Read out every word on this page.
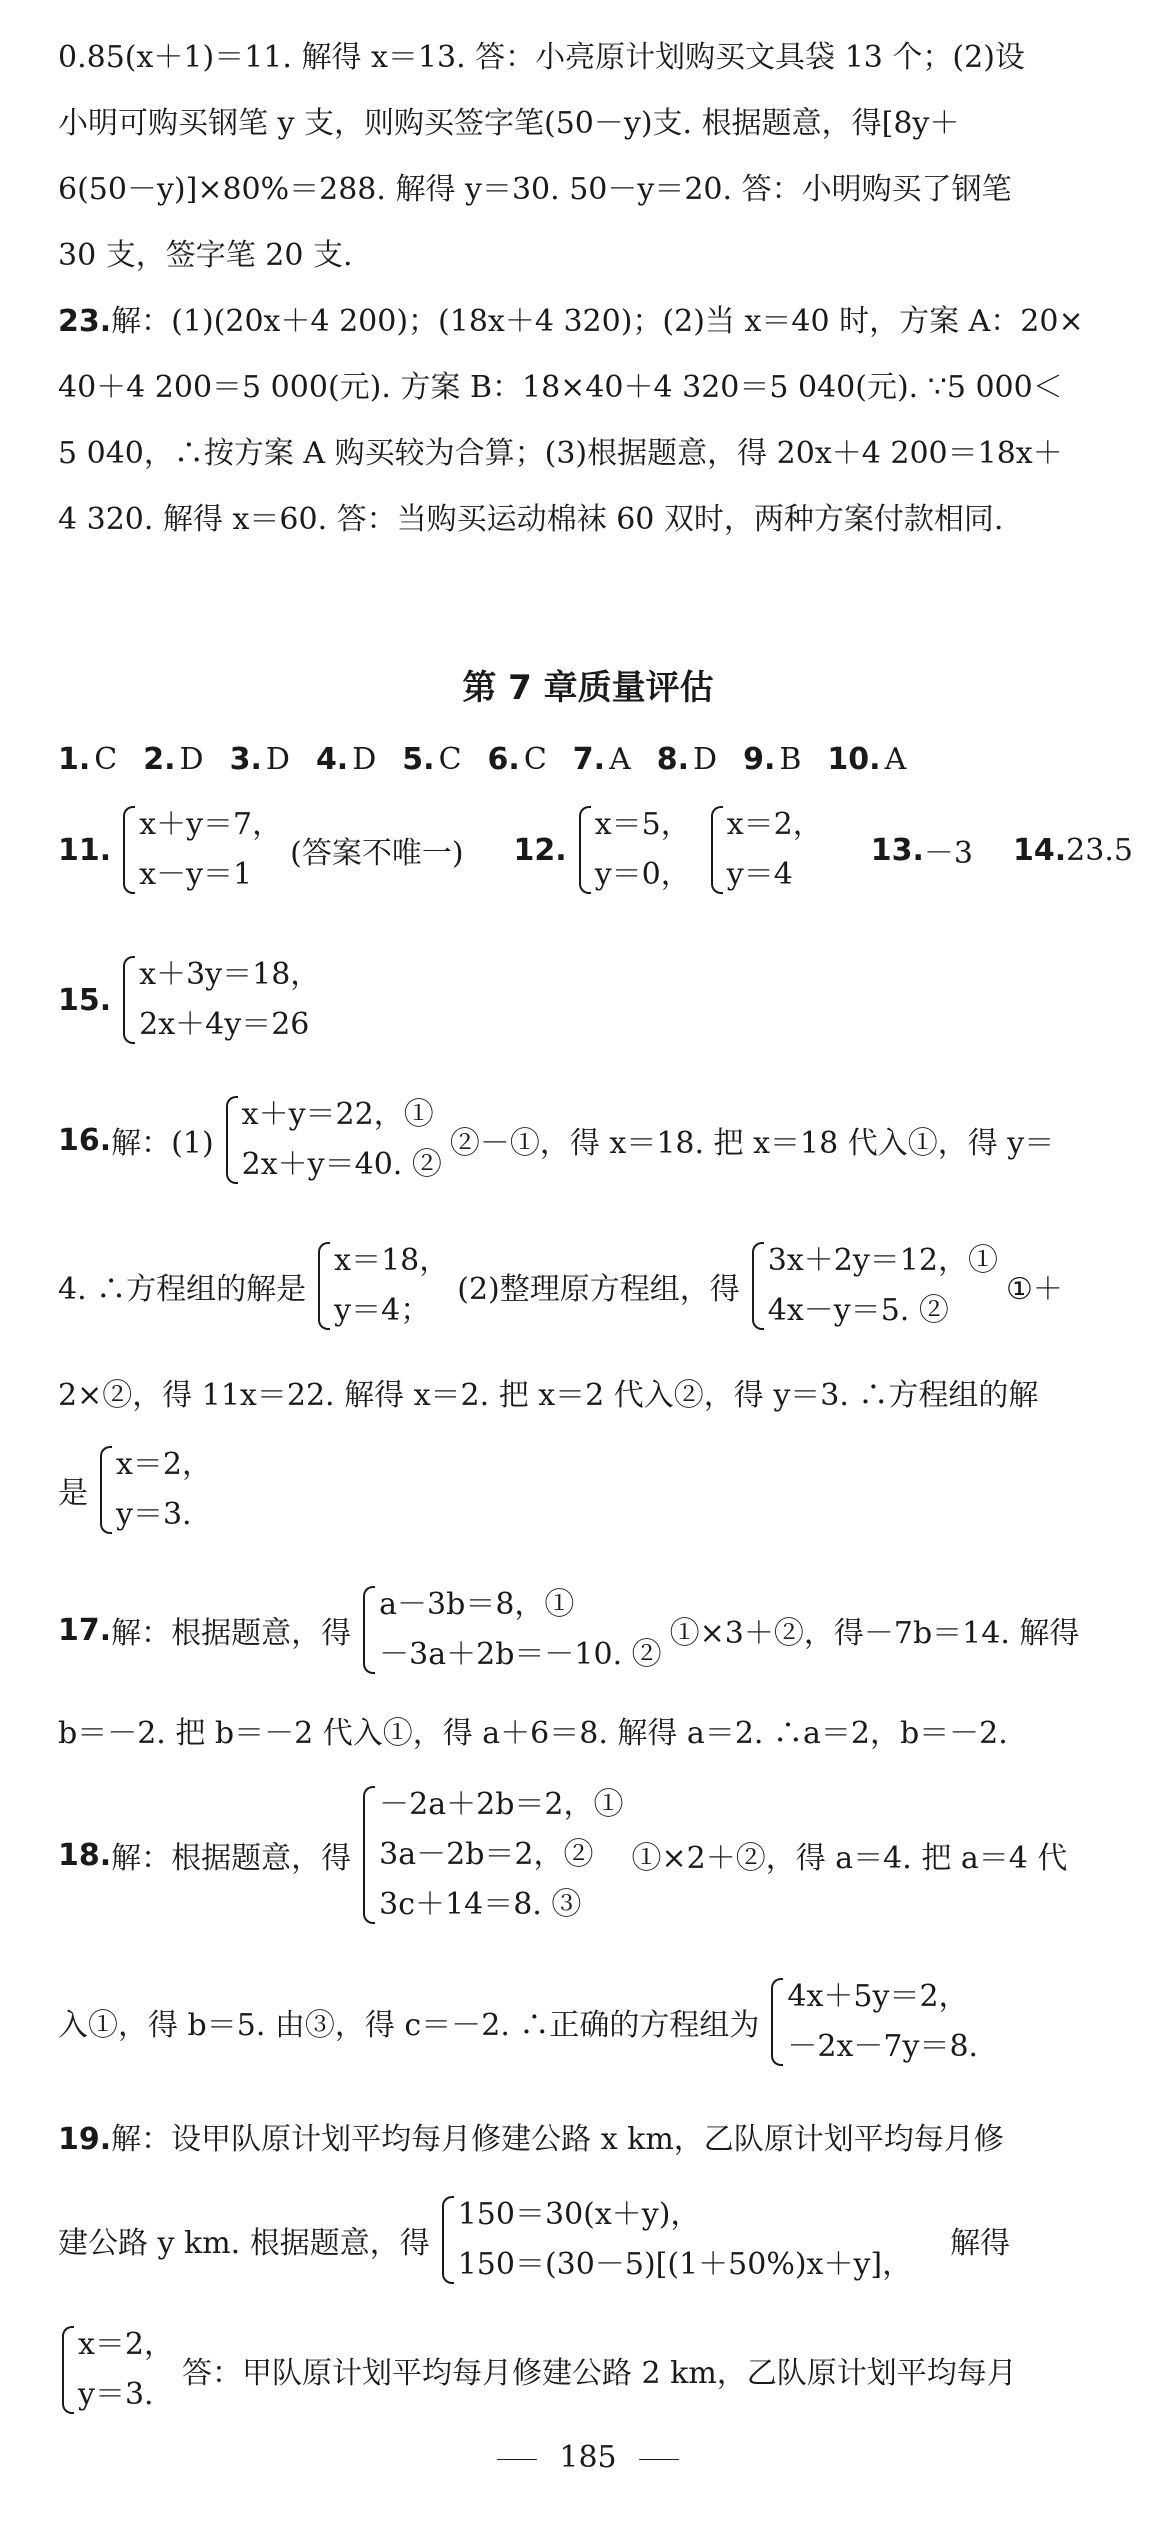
0.85(x＋1)＝11. 解得 x＝13. 答：小亮原计划购买文具袋 13 个；(2)设
小明可购买钢笔 y 支，则购买签字笔(50－y)支. 根据题意，得[8y＋
6(50－y)]×80%＝288. 解得 y＝30. 50－y＝20. 答：小明购买了钢笔
30 支，签字笔 20 支.
23.解：(1)(20x＋4 200)；(18x＋4 320)；(2)当 x＝40 时，方案 A：20×
40＋4 200＝5 000(元). 方案 B：18×40＋4 320＝5 040(元). ∵5 000＜
5 040，∴按方案 A 购买较为合算；(3)根据题意，得 20x＋4 200＝18x＋
4 320. 解得 x＝60. 答：当购买运动棉袜 60 双时，两种方案付款相同.
第 7 章质量评估
1. C 2. D 3. D 4. D 5. C 6. C 7. A 8. D 9. B 10. A
11.
x＋y＝7，
x－y＝1
(答案不唯一) 12.
x＝5，
y＝0，
x＝2，
y＝4
13. －3 14. 23.5
15.
x＋3y＝18，
2x＋4y＝26
16. 解：(1)
x＋y＝22，①
2x＋y＝40. ②
②－①，得 x＝18. 把 x＝18 代入①，得 y＝
4. ∴方程组的解是
x＝18，
y＝4；
(2)整理原方程组，得
3x＋2y＝12，①
4x－y＝5. ②
①＋
2×②，得 11x＝22. 解得 x＝2. 把 x＝2 代入②，得 y＝3. ∴方程组的解
是
x＝2，
y＝3.
17. 解：根据题意，得
a－3b＝8，①
－3a＋2b＝－10. ②
①×3＋②，得－7b＝14. 解得
b＝－2. 把 b＝－2 代入①，得 a＋6＝8. 解得 a＝2. ∴a＝2，b＝－2.
18. 解：根据题意，得
－2a＋2b＝2，①
3a－2b＝2，②
3c＋14＝8. ③
①×2＋②，得 a＝4. 把 a＝4 代
入①，得 b＝5. 由③，得 c＝－2. ∴正确的方程组为
4x＋5y＝2，
－2x－7y＝8.
19.解：设甲队原计划平均每月修建公路 x km，乙队原计划平均每月修
建公路 y km. 根据题意，得
150＝30(x＋y)，
150＝(30－5)[(1＋50%)x＋y]，
解得
x＝2，
y＝3.
答：甲队原计划平均每月修建公路 2 km，乙队原计划平均每月
185
